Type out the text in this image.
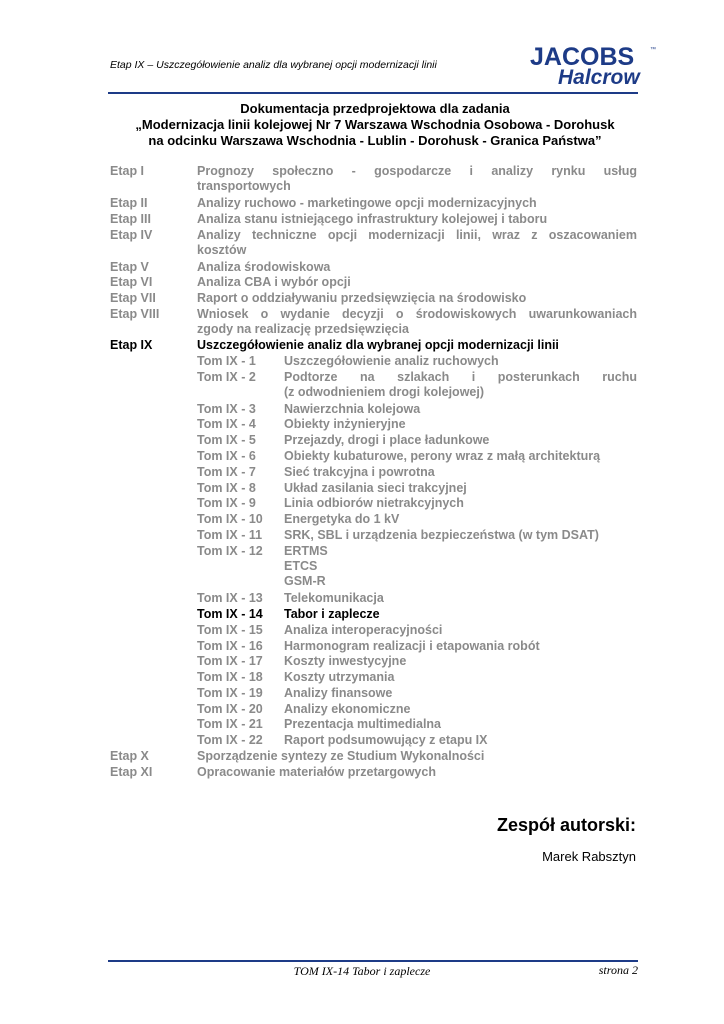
Etap IX – Uszczegółowienie analiz dla wybranej opcji modernizacji linii	JACOBS	™
Halcrow
Dokumentacja przedprojektowa dla zadania
„Modernizacja linii kolejowej Nr 7 Warszawa Wschodnia Osobowa - Dorohusk
na odcinku Warszawa Wschodnia - Lublin - Dorohusk - Granica Państwa”
Etap I	Prognozy społeczno - gospodarcze i analizy rynku usług
transportowych
Etap II	Analizy ruchowo - marketingowe opcji modernizacyjnych
Etap III	Analiza stanu istniejącego infrastruktury kolejowej i taboru
Etap IV	Analizy techniczne opcji modernizacji linii, wraz z oszacowaniem
kosztów
Etap V	Analiza środowiskowa
Etap VI	Analiza CBA i wybór opcji
Etap VII	Raport o oddziaływaniu przedsięwzięcia na środowisko
Etap VIII	Wniosek o wydanie decyzji o środowiskowych uwarunkowaniach
zgody na realizację przedsięwzięcia
Etap IX	Uszczegółowienie analiz dla wybranej opcji modernizacji linii
Tom IX - 1 Uszczegółowienie analiz ruchowych
Tom IX - 2 Podtorze na szlakach i posterunkach ruchu
(z odwodnieniem drogi kolejowej)
Tom IX - 3 Nawierzchnia kolejowa
Tom IX - 4 Obiekty inżynieryjne
Tom IX - 5 Przejazdy, drogi i place ładunkowe
Tom IX - 6 Obiekty kubaturowe, perony wraz z małą architekturą
Tom IX - 7 Sieć trakcyjna i powrotna
Tom IX - 8 Układ zasilania sieci trakcyjnej
Tom IX - 9 Linia odbiorów nietrakcyjnych
Tom IX - 10 Energetyka do 1 kV
Tom IX - 11 SRK, SBL i urządzenia bezpieczeństwa (w tym DSAT)
Tom IX - 12 ERTMS
ETCS
GSM-R
Tom IX - 13 Telekomunikacja
Tom IX - 14 Tabor i zaplecze
Tom IX - 15 Analiza interoperacyjności
Tom IX - 16 Harmonogram realizacji i etapowania robót
Tom IX - 17 Koszty inwestycyjne
Tom IX - 18 Koszty utrzymania
Tom IX - 19 Analizy finansowe
Tom IX - 20 Analizy ekonomiczne
Tom IX - 21 Prezentacja multimedialna
Tom IX - 22 Raport podsumowujący z etapu IX
Etap X	Sporządzenie syntezy ze Studium Wykonalności
Etap XI	Opracowanie materiałów przetargowych
Zespół autorski:
Marek Rabsztyn
TOM IX-14 Tabor i zaplecze	strona 2
